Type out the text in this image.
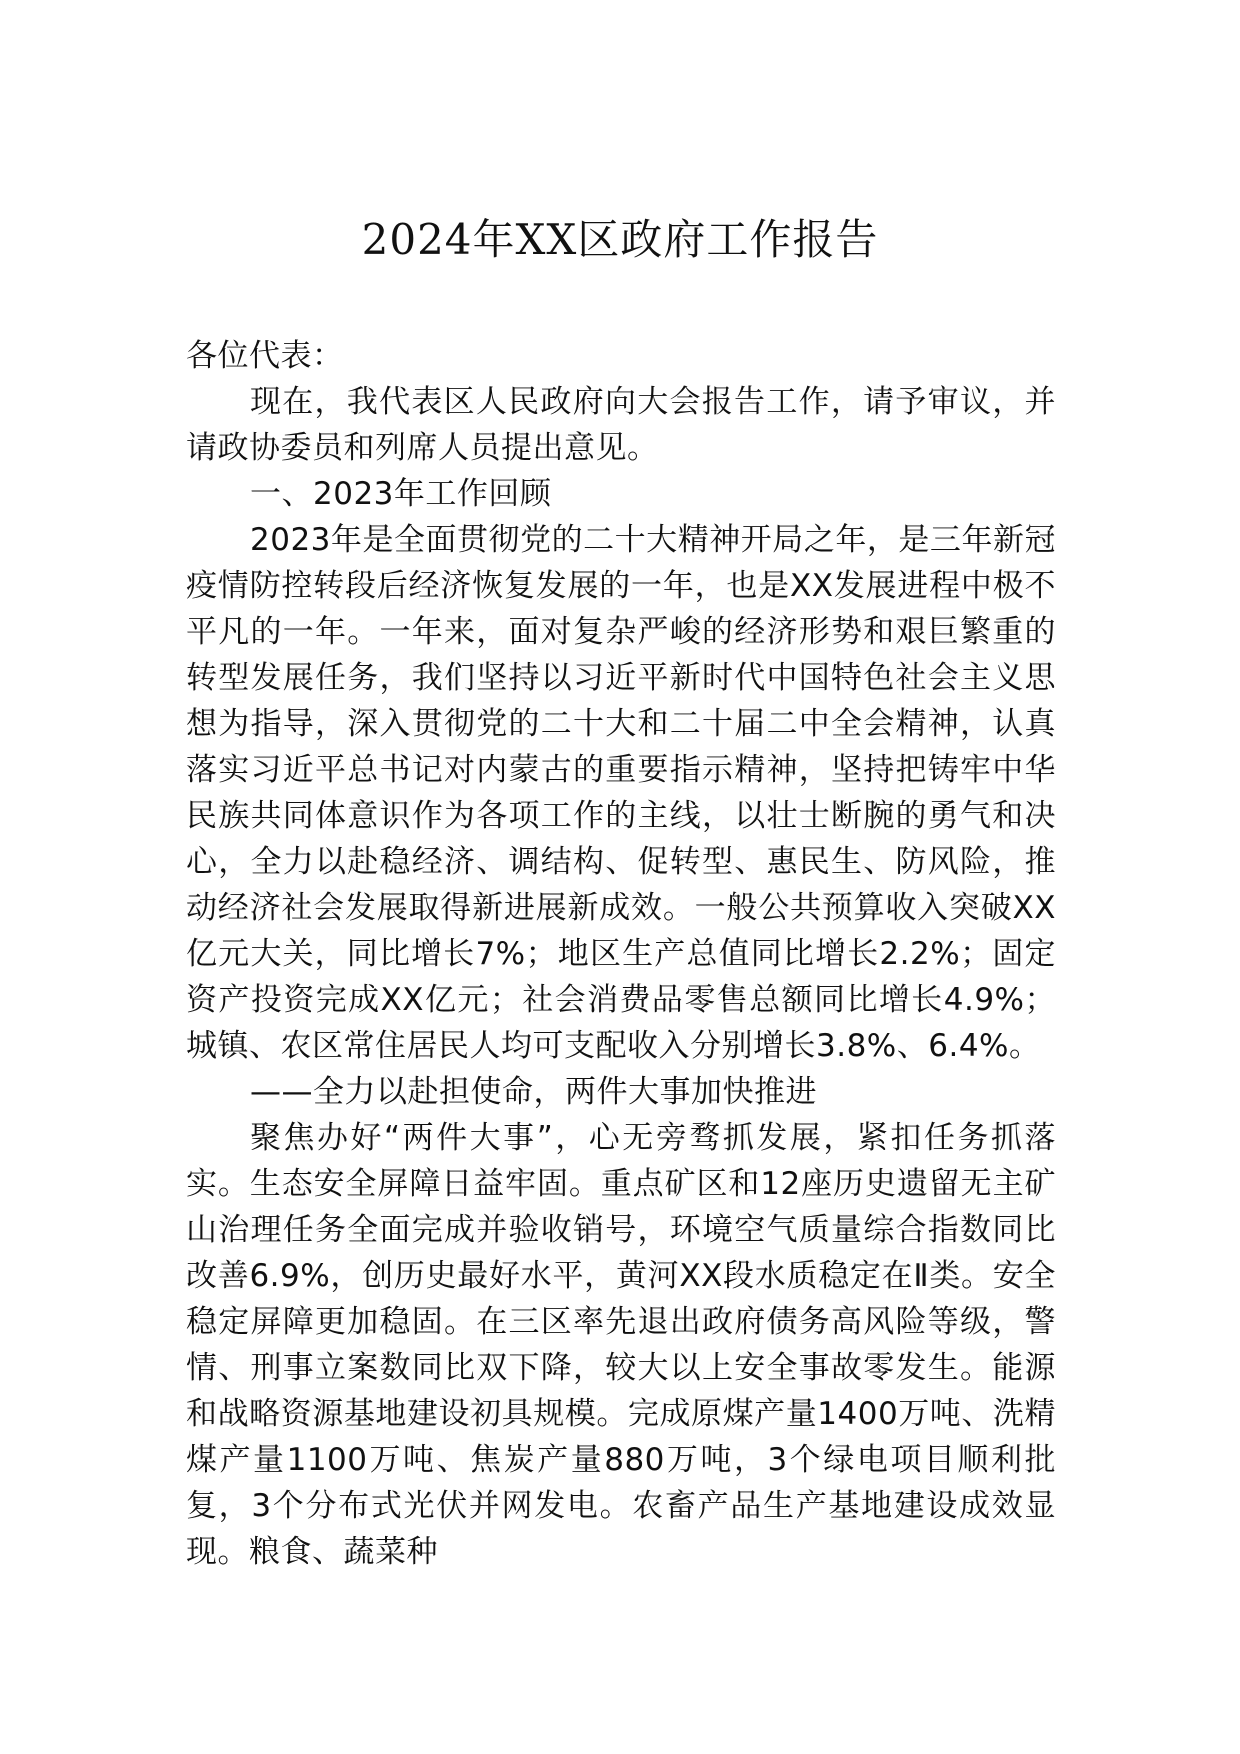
2024年XX区政府工作报告

各位代表：

现在，我代表区人民政府向大会报告工作，请予审议，并请政协委员和列席人员提出意见。

一、2023年工作回顾

2023年是全面贯彻党的二十大精神开局之年，是三年新冠疫情防控转段后经济恢复发展的一年，也是XX发展进程中极不平凡的一年。一年来，面对复杂严峻的经济形势和艰巨繁重的转型发展任务，我们坚持以习近平新时代中国特色社会主义思想为指导，深入贯彻党的二十大和二十届二中全会精神，认真落实习近平总书记对内蒙古的重要指示精神，坚持把铸牢中华民族共同体意识作为各项工作的主线，以壮士断腕的勇气和决心，全力以赴稳经济、调结构、促转型、惠民生、防风险，推动经济社会发展取得新进展新成效。一般公共预算收入突破XX亿元大关，同比增长7%；地区生产总值同比增长2.2%；固定资产投资完成XX亿元；社会消费品零售总额同比增长4.9%；城镇、农区常住居民人均可支配收入分别增长3.8%、6.4%。

——全力以赴担使命，两件大事加快推进

聚焦办好“两件大事”，心无旁骛抓发展，紧扣任务抓落实。生态安全屏障日益牢固。重点矿区和12座历史遗留无主矿山治理任务全面完成并验收销号，环境空气质量综合指数同比改善6.9%，创历史最好水平，黄河XX段水质稳定在Ⅱ类。安全稳定屏障更加稳固。在三区率先退出政府债务高风险等级，警情、刑事立案数同比双下降，较大以上安全事故零发生。能源和战略资源基地建设初具规模。完成原煤产量1400万吨、洗精煤产量1100万吨、焦炭产量880万吨，3个绿电项目顺利批复，3个分布式光伏并网发电。农畜产品生产基地建设成效显现。粮食、蔬菜种
